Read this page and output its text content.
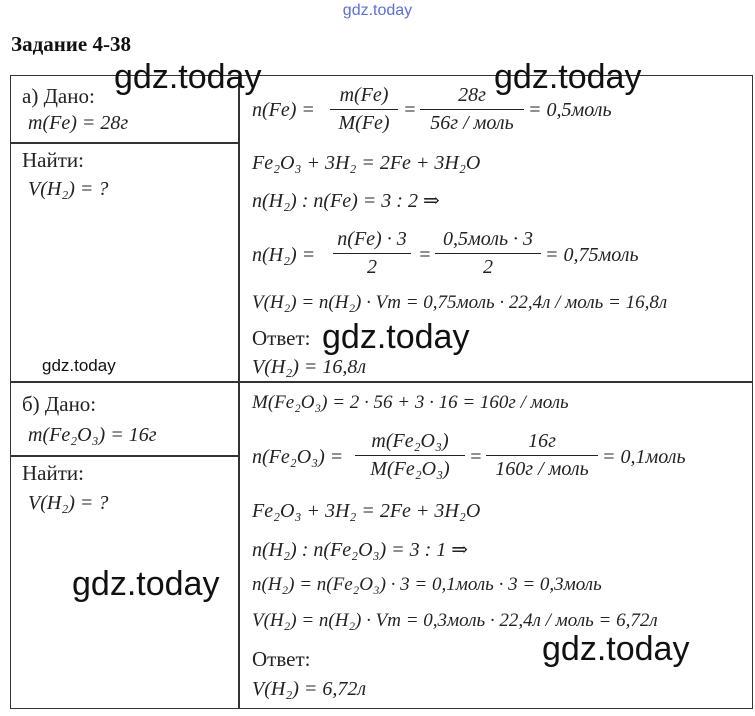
gdz.today
Задание 4-38
а) Дано:
m(Fe) = 28г
Найти:
V(H₂) = ?
n(Fe) =
m(Fe)
M(Fe)
=
28г
56г / моль
= 0,5моль
Fe₂O₃ + 3H₂ = 2Fe + 3H₂O
n(H₂) : n(Fe) = 3 : 2 ⇒
n(H₂) =
n(Fe) · 3
2
=
0,5моль · 3
2
= 0,75моль
V(H₂) = n(H₂) · Vm = 0,75моль · 22,4л / моль = 16,8л
Ответ:
V(H₂) = 16,8л
б) Дано:
m(Fe₂O₃) = 16г
Найти:
V(H₂) = ?
M(Fe₂O₃) = 2 · 56 + 3 · 16 = 160г / моль
n(Fe₂O₃) =
m(Fe₂O₃)
M(Fe₂O₃)
=
16г
160г / моль
= 0,1моль
Fe₂O₃ + 3H₂ = 2Fe + 3H₂O
n(H₂) : n(Fe₂O₃) = 3 : 1 ⇒
n(H₂) = n(Fe₂O₃) · 3 = 0,1моль · 3 = 0,3моль
V(H₂) = n(H₂) · Vm = 0,3моль · 22,4л / моль = 6,72л
Ответ:
V(H₂) = 6,72л
gdz.today	gdz.today
gdz.today
gdz.today
gdz.today
gdz.today
